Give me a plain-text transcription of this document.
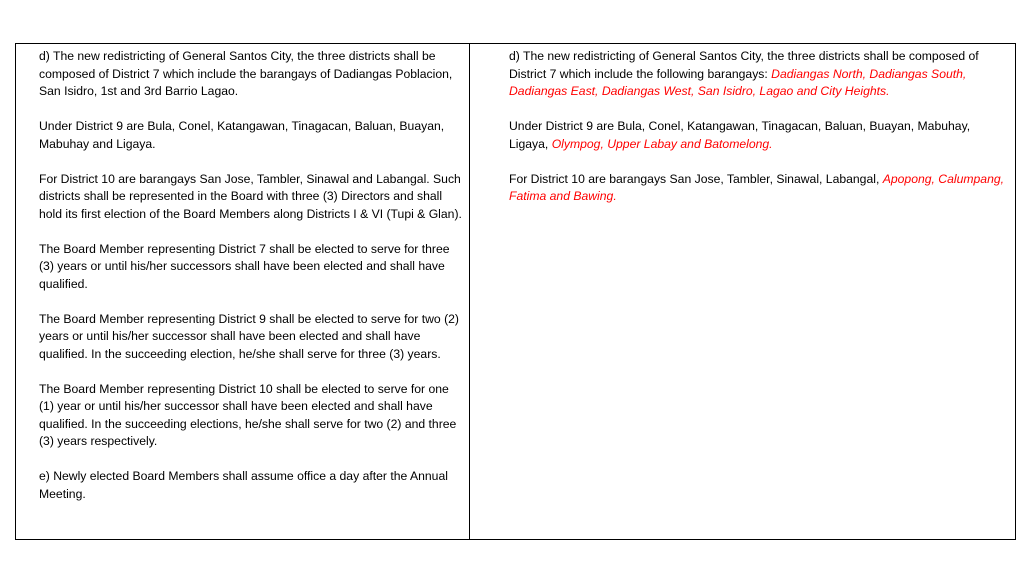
d) The new redistricting of General Santos City, the three districts shall be composed of District 7 which include the barangays of Dadiangas Poblacion, San Isidro, 1st and 3rd Barrio Lagao.

Under District 9 are Bula, Conel, Katangawan, Tinagacan, Baluan, Buayan, Mabuhay and Ligaya.

For District 10 are barangays San Jose, Tambler, Sinawal and Labangal. Such districts shall be represented in the Board with three (3) Directors and shall hold its first election of the Board Members along Districts I & VI (Tupi & Glan).

The Board Member representing District 7 shall be elected to serve for three (3) years or until his/her successors shall have been elected and shall have qualified.

The Board Member representing District 9 shall be elected to serve for two (2) years or until his/her successor shall have been elected and shall have qualified. In the succeeding election, he/she shall serve for three (3) years.

The Board Member representing District 10 shall be elected to serve for one (1) year or until his/her successor shall have been elected and shall have qualified. In the succeeding elections, he/she shall serve for two (2) and three (3) years respectively.

e) Newly elected Board Members shall assume office a day after the Annual Meeting.

d) The new redistricting of General Santos City, the three districts shall be composed of District 7 which include the following barangays: Dadiangas North, Dadiangas South, Dadiangas East, Dadiangas West, San Isidro, Lagao and City Heights.

Under District 9 are Bula, Conel, Katangawan, Tinagacan, Baluan, Buayan, Mabuhay, Ligaya, Olympog, Upper Labay and Batomelong.

For District 10 are barangays San Jose, Tambler, Sinawal, Labangal, Apopong, Calumpang, Fatima and Bawing.
